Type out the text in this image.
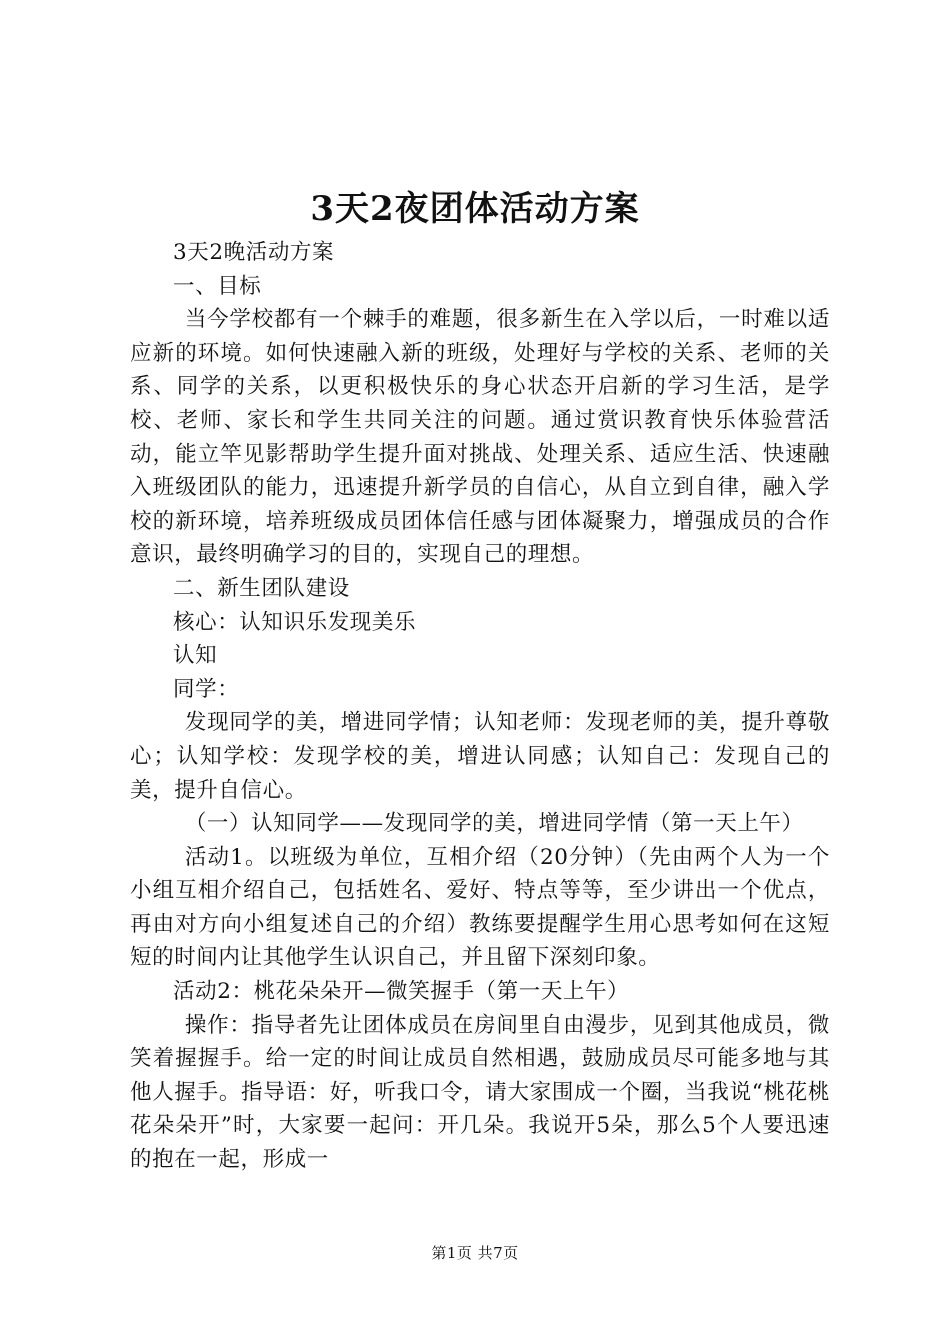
3天2夜团体活动方案

3天2晚活动方案

一、目标

当今学校都有一个棘手的难题，很多新生在入学以后，一时难以适应新的环境。如何快速融入新的班级，处理好与学校的关系、老师的关系、同学的关系，以更积极快乐的身心状态开启新的学习生活，是学校、老师、家长和学生共同关注的问题。通过赏识教育快乐体验营活动，能立竿见影帮助学生提升面对挑战、处理关系、适应生活、快速融入班级团队的能力，迅速提升新学员的自信心，从自立到自律，融入学校的新环境，培养班级成员团体信任感与团体凝聚力，增强成员的合作意识，最终明确学习的目的，实现自己的理想。

二、新生团队建设

核心：认知识乐发现美乐

认知

同学：

发现同学的美，增进同学情；认知老师：发现老师的美，提升尊敬心；认知学校：发现学校的美，增进认同感；认知自己：发现自己的美，提升自信心。

（一）认知同学——发现同学的美，增进同学情（第一天上午）

活动1。以班级为单位，互相介绍（20分钟）（先由两个人为一个小组互相介绍自己，包括姓名、爱好、特点等等，至少讲出一个优点，再由对方向小组复述自己的介绍）教练要提醒学生用心思考如何在这短短的时间内让其他学生认识自己，并且留下深刻印象。

活动2：桃花朵朵开—微笑握手（第一天上午）

操作：指导者先让团体成员在房间里自由漫步，见到其他成员，微笑着握握手。给一定的时间让成员自然相遇，鼓励成员尽可能多地与其他人握手。指导语：好，听我口令，请大家围成一个圈，当我说“桃花桃花朵朵开”时，大家要一起问：开几朵。我说开5朵，那么5个人要迅速的抱在一起，形成一

第1页 共7页
